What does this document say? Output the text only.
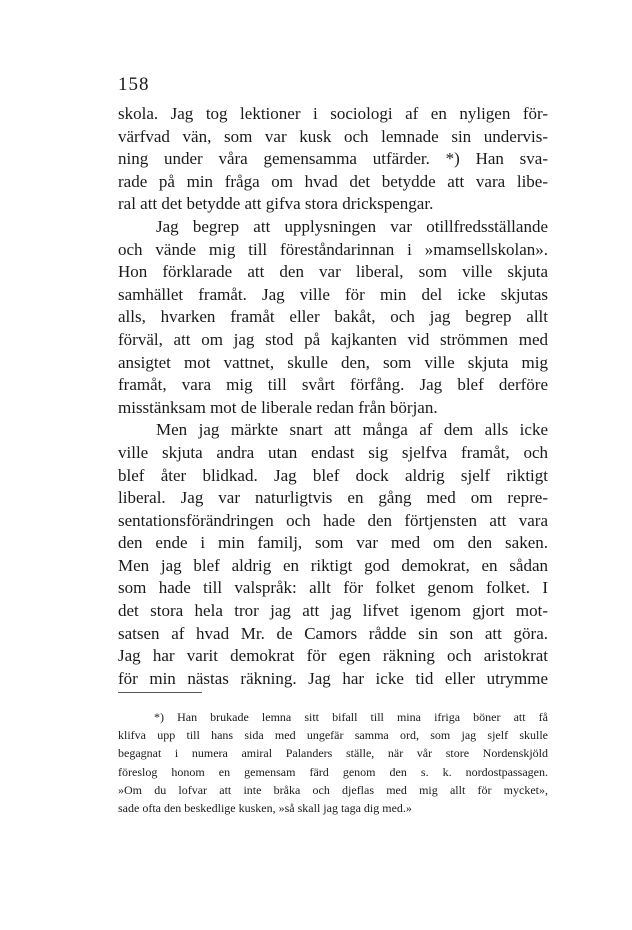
158
skola. Jag tog lektioner i sociologi af en nyligen för-
värfvad vän, som var kusk och lemnade sin undervis-
ning under våra gemensamma utfärder. *) Han sva-
rade på min fråga om hvad det betydde att vara libe-
ral att det betydde att gifva stora drickspengar.
Jag begrep att upplysningen var otillfredsställande
och vände mig till föreståndarinnan i »mamsellskolan».
Hon förklarade att den var liberal, som ville skjuta
samhället framåt. Jag ville för min del icke skjutas
alls, hvarken framåt eller bakåt, och jag begrep allt
förväl, att om jag stod på kajkanten vid strömmen med
ansigtet mot vattnet, skulle den, som ville skjuta mig
framåt, vara mig till svårt förfång. Jag blef derföre
misstänksam mot de liberale redan från början.
Men jag märkte snart att många af dem alls icke
ville skjuta andra utan endast sig sjelfva framåt, och
blef åter blidkad. Jag blef dock aldrig sjelf riktigt
liberal. Jag var naturligtvis en gång med om repre-
sentationsförändringen och hade den förtjensten att vara
den ende i min familj, som var med om den saken.
Men jag blef aldrig en riktigt god demokrat, en sådan
som hade till valspråk: allt för folket genom folket. I
det stora hela tror jag att jag lifvet igenom gjort mot-
satsen af hvad Mr. de Camors rådde sin son att göra.
Jag har varit demokrat för egen räkning och aristokrat
för min nästas räkning. Jag har icke tid eller utrymme
*) Han brukade lemna sitt bifall till mina ifriga böner att få
klifva upp till hans sida med ungefär samma ord, som jag sjelf skulle
begagnat i numera amiral Palanders ställe, när vår store Nordenskjöld
föreslog honom en gemensam färd genom den s. k. nordostpassagen.
»Om du lofvar att inte bråka och djeflas med mig allt för mycket»,
sade ofta den beskedlige kusken, »så skall jag taga dig med.»
